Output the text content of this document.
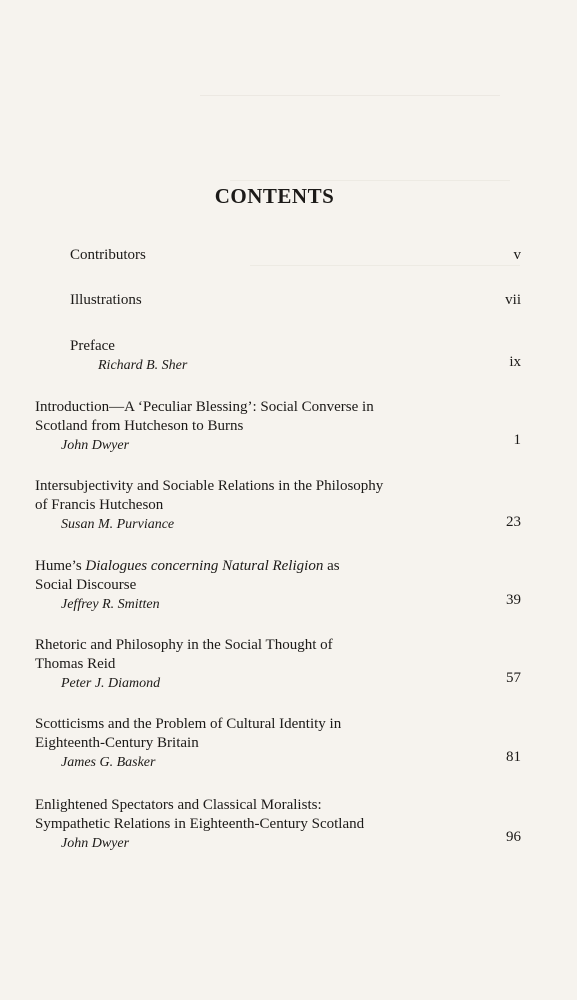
CONTENTS
Contributors	v
Illustrations	vii
Preface
Richard B. Sher	ix
Introduction—A ‘Peculiar Blessing’: Social Converse in
Scotland from Hutcheson to Burns
John Dwyer	1
Intersubjectivity and Sociable Relations in the Philosophy
of Francis Hutcheson
Susan M. Purviance	23
Hume’s Dialogues concerning Natural Religion as
Social Discourse
Jeffrey R. Smitten	39
Rhetoric and Philosophy in the Social Thought of
Thomas Reid
Peter J. Diamond	57
Scotticisms and the Problem of Cultural Identity in
Eighteenth-Century Britain
James G. Basker	81
Enlightened Spectators and Classical Moralists:
Sympathetic Relations in Eighteenth-Century Scotland
John Dwyer	96
